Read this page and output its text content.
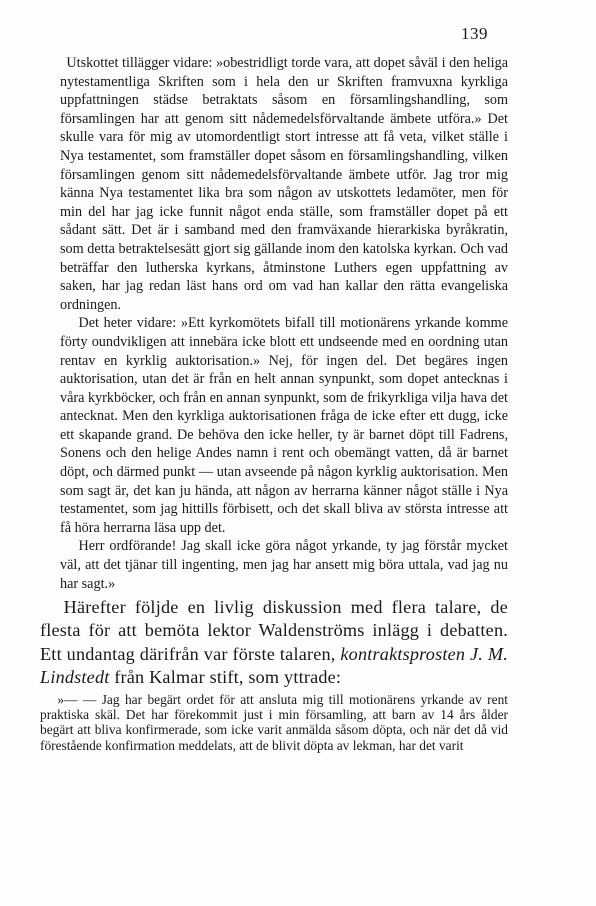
139

Utskottet tillägger vidare: »obestridligt torde vara, att dopet såväl i den heliga nytestamentliga Skriften som i hela den ur Skriften framvuxna kyrkliga uppfattningen städse betraktats såsom en församlingshandling, som församlingen har att genom sitt nådemedelsförvaltande ämbete utföra.» Det skulle vara för mig av utomordentligt stort intresse att få veta, vilket ställe i Nya testamentet, som framställer dopet såsom en församlingshandling, vilken församlingen genom sitt nådemedelsförvaltande ämbete utför. Jag tror mig känna Nya testamentet lika bra som någon av utskottets ledamöter, men för min del har jag icke funnit något enda ställe, som framställer dopet på ett sådant sätt. Det är i samband med den framväxande hierarkiska byråkratin, som detta betraktelsesätt gjort sig gällande inom den katolska kyrkan. Och vad beträffar den lutherska kyrkans, åtminstone Luthers egen uppfattning av saken, har jag redan läst hans ord om vad han kallar den rätta evangeliska ordningen.

Det heter vidare: »Ett kyrkomötets bifall till motionärens yrkande komme förty oundvikligen att innebära icke blott ett undseende med en oordning utan rentav en kyrklig auktorisation.» Nej, för ingen del. Det begäres ingen auktorisation, utan det är från en helt annan synpunkt, som dopet antecknas i våra kyrkböcker, och från en annan synpunkt, som de frikyrkliga vilja hava det antecknat. Men den kyrkliga auktorisationen fråga de icke efter ett dugg, icke ett skapande grand. De behöva den icke heller, ty är barnet döpt till Fadrens, Sonens och den helige Andes namn i rent och obemängt vatten, då är barnet döpt, och därmed punkt — utan avseende på någon kyrklig auktorisation. Men som sagt är, det kan ju hända, att någon av herrarna känner något ställe i Nya testamentet, som jag hittills förbisett, och det skall bliva av största intresse att få höra herrarna läsa upp det.

Herr ordförande! Jag skall icke göra något yrkande, ty jag förstår mycket väl, att det tjänar till ingenting, men jag har ansett mig böra uttala, vad jag nu har sagt.»

Härefter följde en livlig diskussion med flera talare, de flesta för att bemöta lektor Waldenströms inlägg i debatten. Ett undantag därifrån var förste talaren, kontraktsprosten J. M. Lindstedt från Kalmar stift, som yttrade:

»— — Jag har begärt ordet för att ansluta mig till motionärens yrkande av rent praktiska skäl. Det har förekommit just i min församling, att barn av 14 års ålder begärt att bliva konfirmerade, som icke varit anmälda såsom döpta, och när det då vid förestående konfirmation meddelats, att de blivit döpta av lekman, har det varit
